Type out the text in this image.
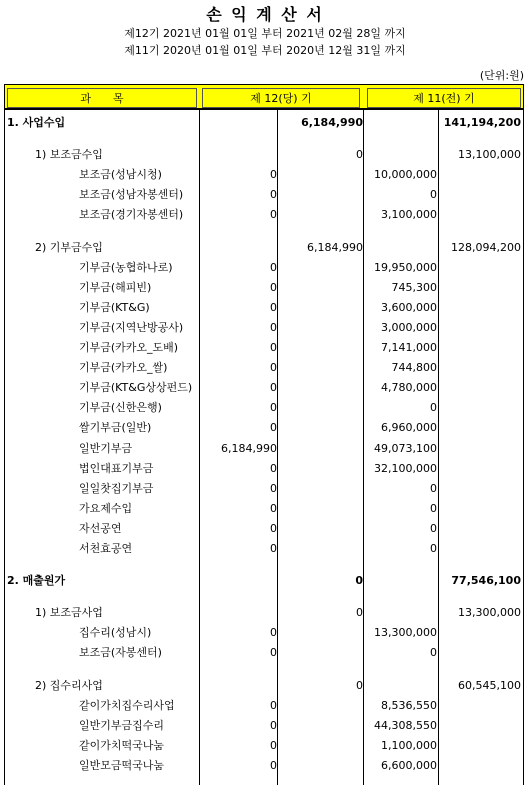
손 익 계 산 서
제12기 2021년 01월 01일 부터 2021년 02월 28일 까지
제11기 2020년 01월 01일 부터 2020년 12월 31일 까지
(단위:원)
과　　목	제 12(당) 기	제 11(전) 기
1. 사업수입	6,184,990	141,194,200
1) 보조금수입	0	13,100,000
보조금(성남시청)	0	10,000,000
보조금(성남자봉센터)	0	0
보조금(경기자봉센터)	0	3,100,000
2) 기부금수입	6,184,990	128,094,200
기부금(농협하나로)	0	19,950,000
기부금(해피빈)	0	745,300
기부금(KT&G)	0	3,600,000
기부금(지역난방공사)	0	3,000,000
기부금(카카오_도배)	0	7,141,000
기부금(카카오_쌀)	0	744,800
기부금(KT&G상상펀드)	0	4,780,000
기부금(신한은행)	0	0
쌀기부금(일반)	0	6,960,000
일반기부금	6,184,990	49,073,100
법인대표기부금	0	32,100,000
일일찻집기부금	0	0
가요제수입	0	0
자선공연	0	0
서천효공연	0	0
2. 매출원가	0	77,546,100
1) 보조금사업	0	13,300,000
집수리(성남시)	0	13,300,000
보조금(자봉센터)	0	0
2) 집수리사업	0	60,545,100
같이가치집수리사업	0	8,536,550
일반기부금집수리	0	44,308,550
같이가치떡국나눔	0	1,100,000
일반모금떡국나눔	0	6,600,000
